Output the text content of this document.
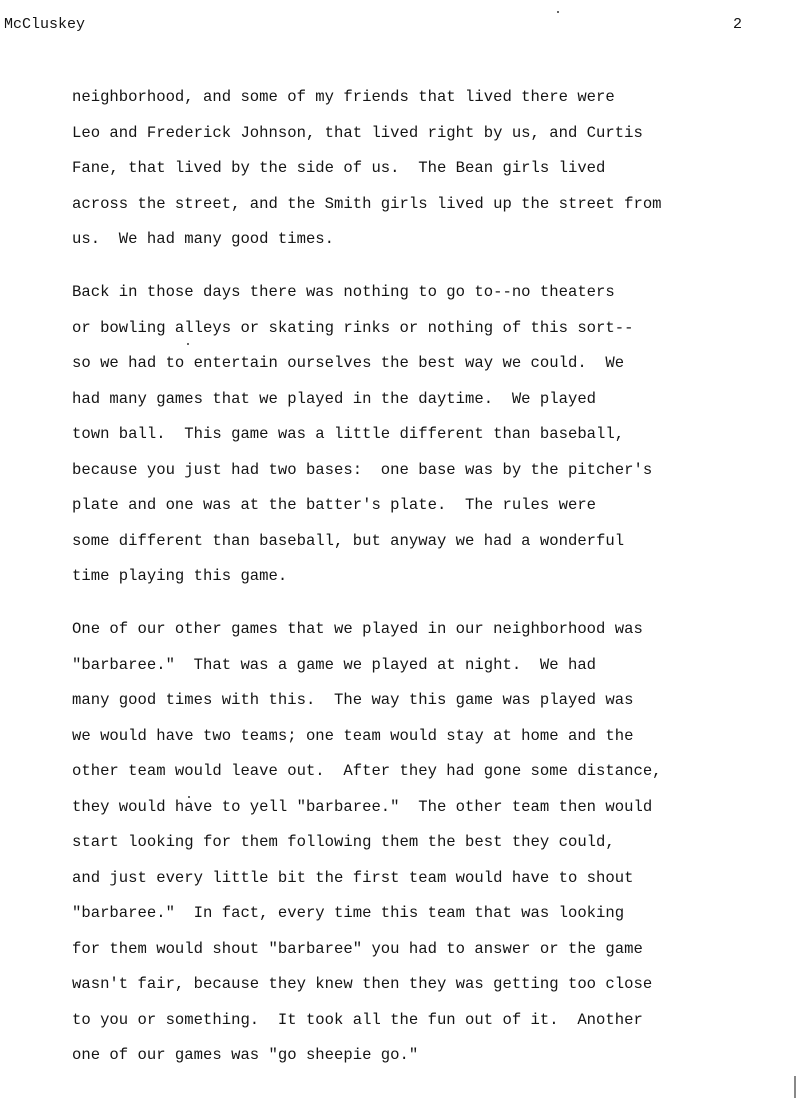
McCluskey	2
neighborhood, and some of my friends that lived there were
Leo and Frederick Johnson, that lived right by us, and Curtis
Fane, that lived by the side of us.  The Bean girls lived
across the street, and the Smith girls lived up the street from
us.  We had many good times.
Back in those days there was nothing to go to--no theaters
or bowling alleys or skating rinks or nothing of this sort--
so we had to entertain ourselves the best way we could.  We
had many games that we played in the daytime.  We played
town ball.  This game was a little different than baseball,
because you just had two bases:  one base was by the pitcher's
plate and one was at the batter's plate.  The rules were
some different than baseball, but anyway we had a wonderful
time playing this game.
One of our other games that we played in our neighborhood was
"barbaree."  That was a game we played at night.  We had
many good times with this.  The way this game was played was
we would have two teams; one team would stay at home and the
other team would leave out.  After they had gone some distance,
they would have to yell "barbaree."  The other team then would
start looking for them following them the best they could,
and just every little bit the first team would have to shout
"barbaree."  In fact, every time this team that was looking
for them would shout "barbaree" you had to answer or the game
wasn't fair, because they knew then they was getting too close
to you or something.  It took all the fun out of it.  Another
one of our games was "go sheepie go."
